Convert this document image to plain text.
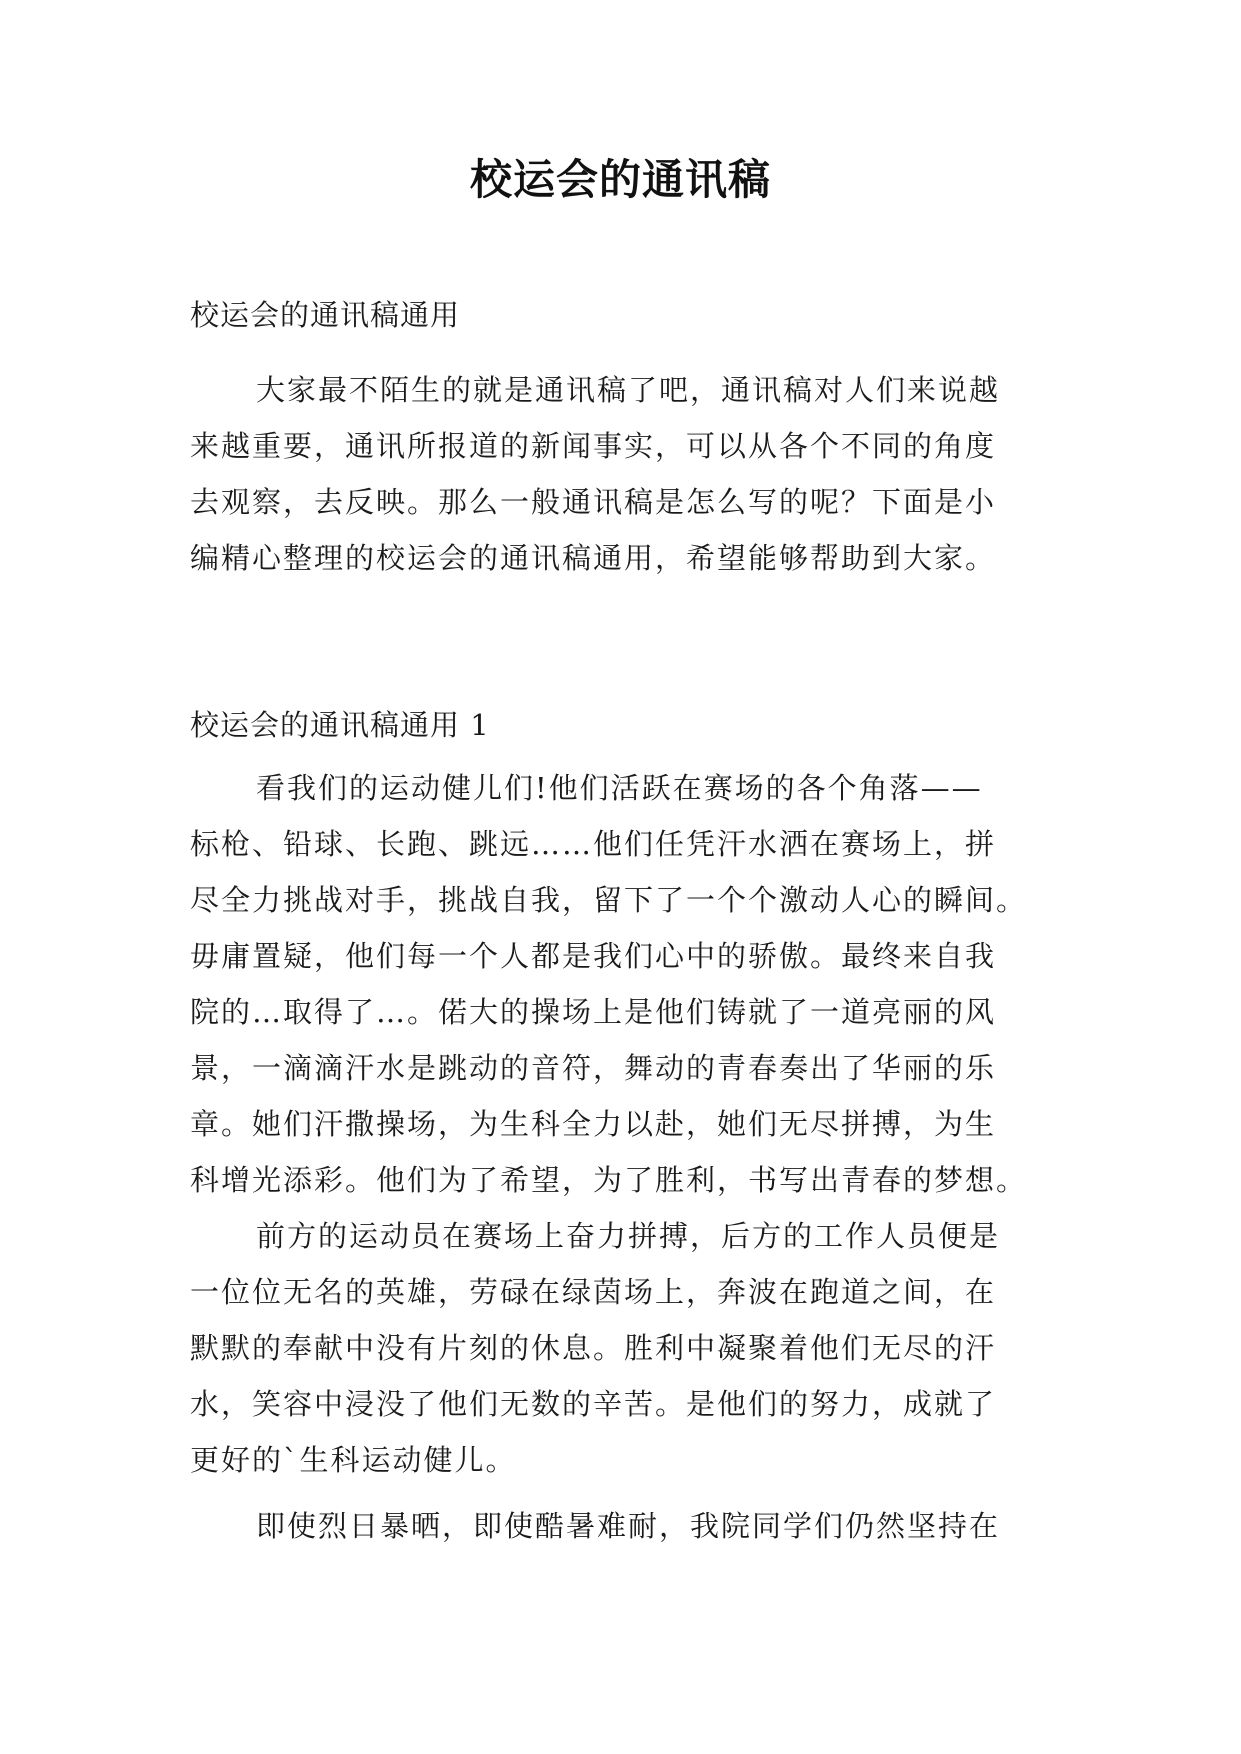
校运会的通讯稿
校运会的通讯稿通用
大家最不陌生的就是通讯稿了吧，通讯稿对人们来说越
来越重要，通讯所报道的新闻事实，可以从各个不同的角度
去观察，去反映。那么一般通讯稿是怎么写的呢？下面是小
编精心整理的校运会的通讯稿通用，希望能够帮助到大家。
校运会的通讯稿通用 1
看我们的运动健儿们!他们活跃在赛场的各个角落——
标枪、铅球、长跑、跳远……他们任凭汗水洒在赛场上，拼
尽全力挑战对手，挑战自我，留下了一个个激动人心的瞬间。
毋庸置疑，他们每一个人都是我们心中的骄傲。最终来自我
院的…取得了…。偌大的操场上是他们铸就了一道亮丽的风
景，一滴滴汗水是跳动的音符，舞动的青春奏出了华丽的乐
章。她们汗撒操场，为生科全力以赴，她们无尽拼搏，为生
科增光添彩。他们为了希望，为了胜利，书写出青春的梦想。
前方的运动员在赛场上奋力拼搏，后方的工作人员便是
一位位无名的英雄，劳碌在绿茵场上，奔波在跑道之间，在
默默的奉献中没有片刻的休息。胜利中凝聚着他们无尽的汗
水，笑容中浸没了他们无数的辛苦。是他们的努力，成就了
更好的`生科运动健儿。
即使烈日暴晒，即使酷暑难耐，我院同学们仍然坚持在
